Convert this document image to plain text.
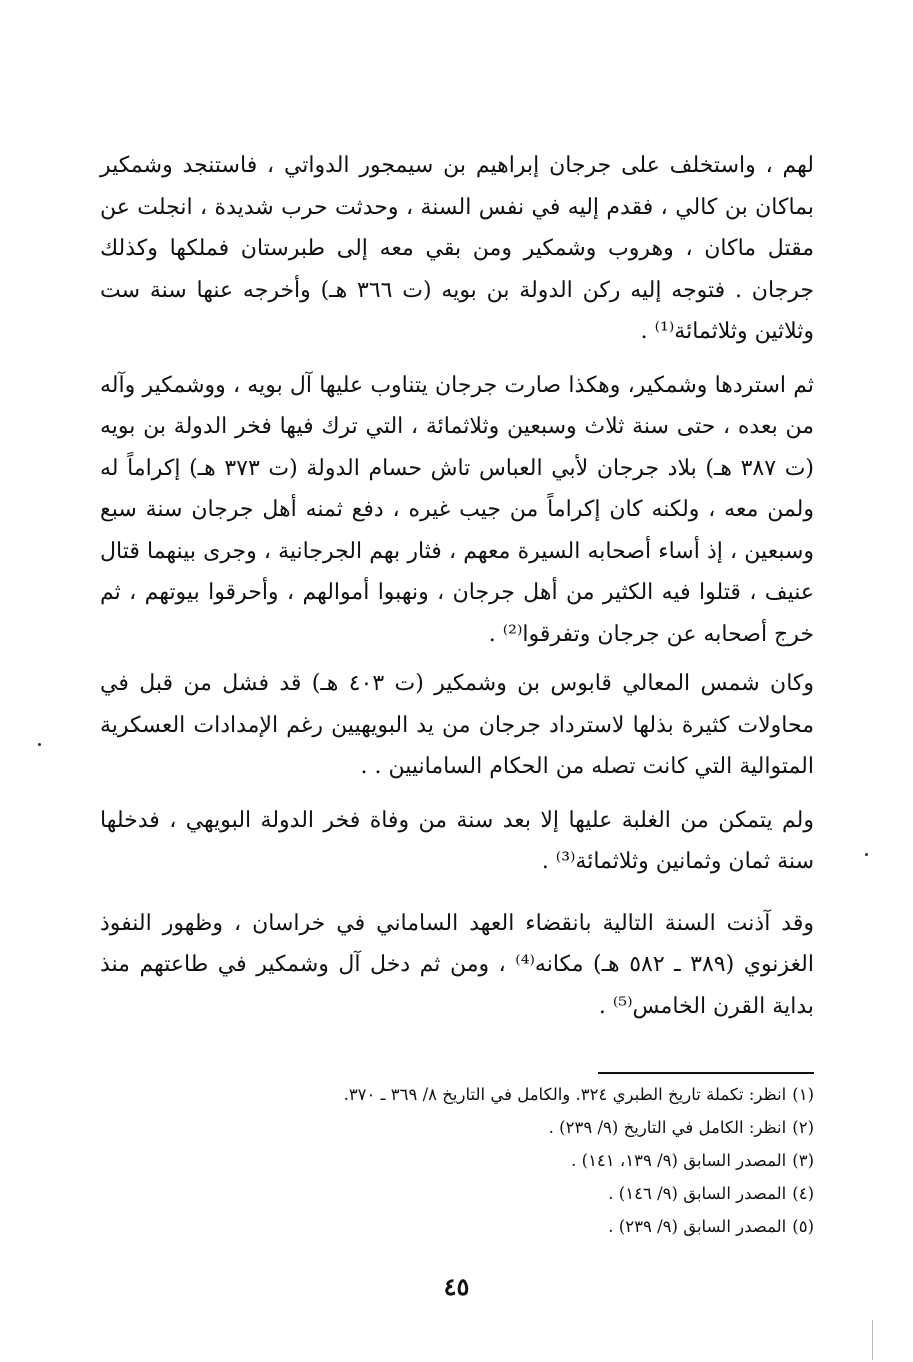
لهم ، واستخلف على جرجان إبراهيم بن سيمجور الدواتي ، فاستنجد وشمكير بماكان بن كالي ، فقدم إليه في نفس السنة ، وحدثت حرب شديدة ، انجلت عن مقتل ماكان ، وهروب وشمكير ومن بقي معه إلى طبرستان فملكها وكذلك جرجان . فتوجه إليه ركن الدولة بن بويه (ت ٣٦٦ هـ) وأخرجه عنها سنة ست وثلاثين وثلاثمائة⁽¹⁾ .

ثم استردها وشمكير، وهكذا صارت جرجان يتناوب عليها آل بويه ، ووشمكير وآله من بعده ، حتى سنة ثلاث وسبعين وثلاثمائة ، التي ترك فيها فخر الدولة بن بويه (ت ٣٨٧ هـ) بلاد جرجان لأبي العباس تاش حسام الدولة (ت ٣٧٣ هـ) إكراماً له ولمن معه ، ولكنه كان إكراماً من جيب غيره ، دفع ثمنه أهل جرجان سنة سبع وسبعين ، إذ أساء أصحابه السيرة معهم ، فثار بهم الجرجانية ، وجرى بينهما قتال عنيف ، قتلوا فيه الكثير من أهل جرجان ، ونهبوا أموالهم ، وأحرقوا بيوتهم ، ثم خرج أصحابه عن جرجان وتفرقوا⁽²⁾ .

وكان شمس المعالي قابوس بن وشمكير (ت ٤٠٣ هـ) قد فشل من قبل في محاولات كثيرة بذلها لاسترداد جرجان من يد البويهيين رغم الإمدادات العسكرية المتوالية التي كانت تصله من الحكام السامانيين . .

ولم يتمكن من الغلبة عليها إلا بعد سنة من وفاة فخر الدولة البويهي ، فدخلها سنة ثمان وثمانين وثلاثمائة⁽³⁾ .

وقد آذنت السنة التالية بانقضاء العهد الساماني في خراسان ، وظهور النفوذ الغزنوي (٣٨٩ ـ ٥٨٢ هـ) مكانه⁽⁴⁾ ، ومن ثم دخل آل وشمكير في طاعتهم منذ بداية القرن الخامس⁽⁵⁾ .

(١)انظر: تكملة تاريخ الطبري ٣٢٤. والكامل في التاريخ ٨/ ٣٦٩ ـ ٣٧٠.

(٢)انظر: الكامل في التاريخ (٩/ ٢٣٩) .

(٣)المصدر السابق (٩/ ١٣٩، ١٤١) .

(٤)المصدر السابق (٩/ ١٤٦) .

(٥)المصدر السابق (٩/ ٢٣٩) .

٤٥
